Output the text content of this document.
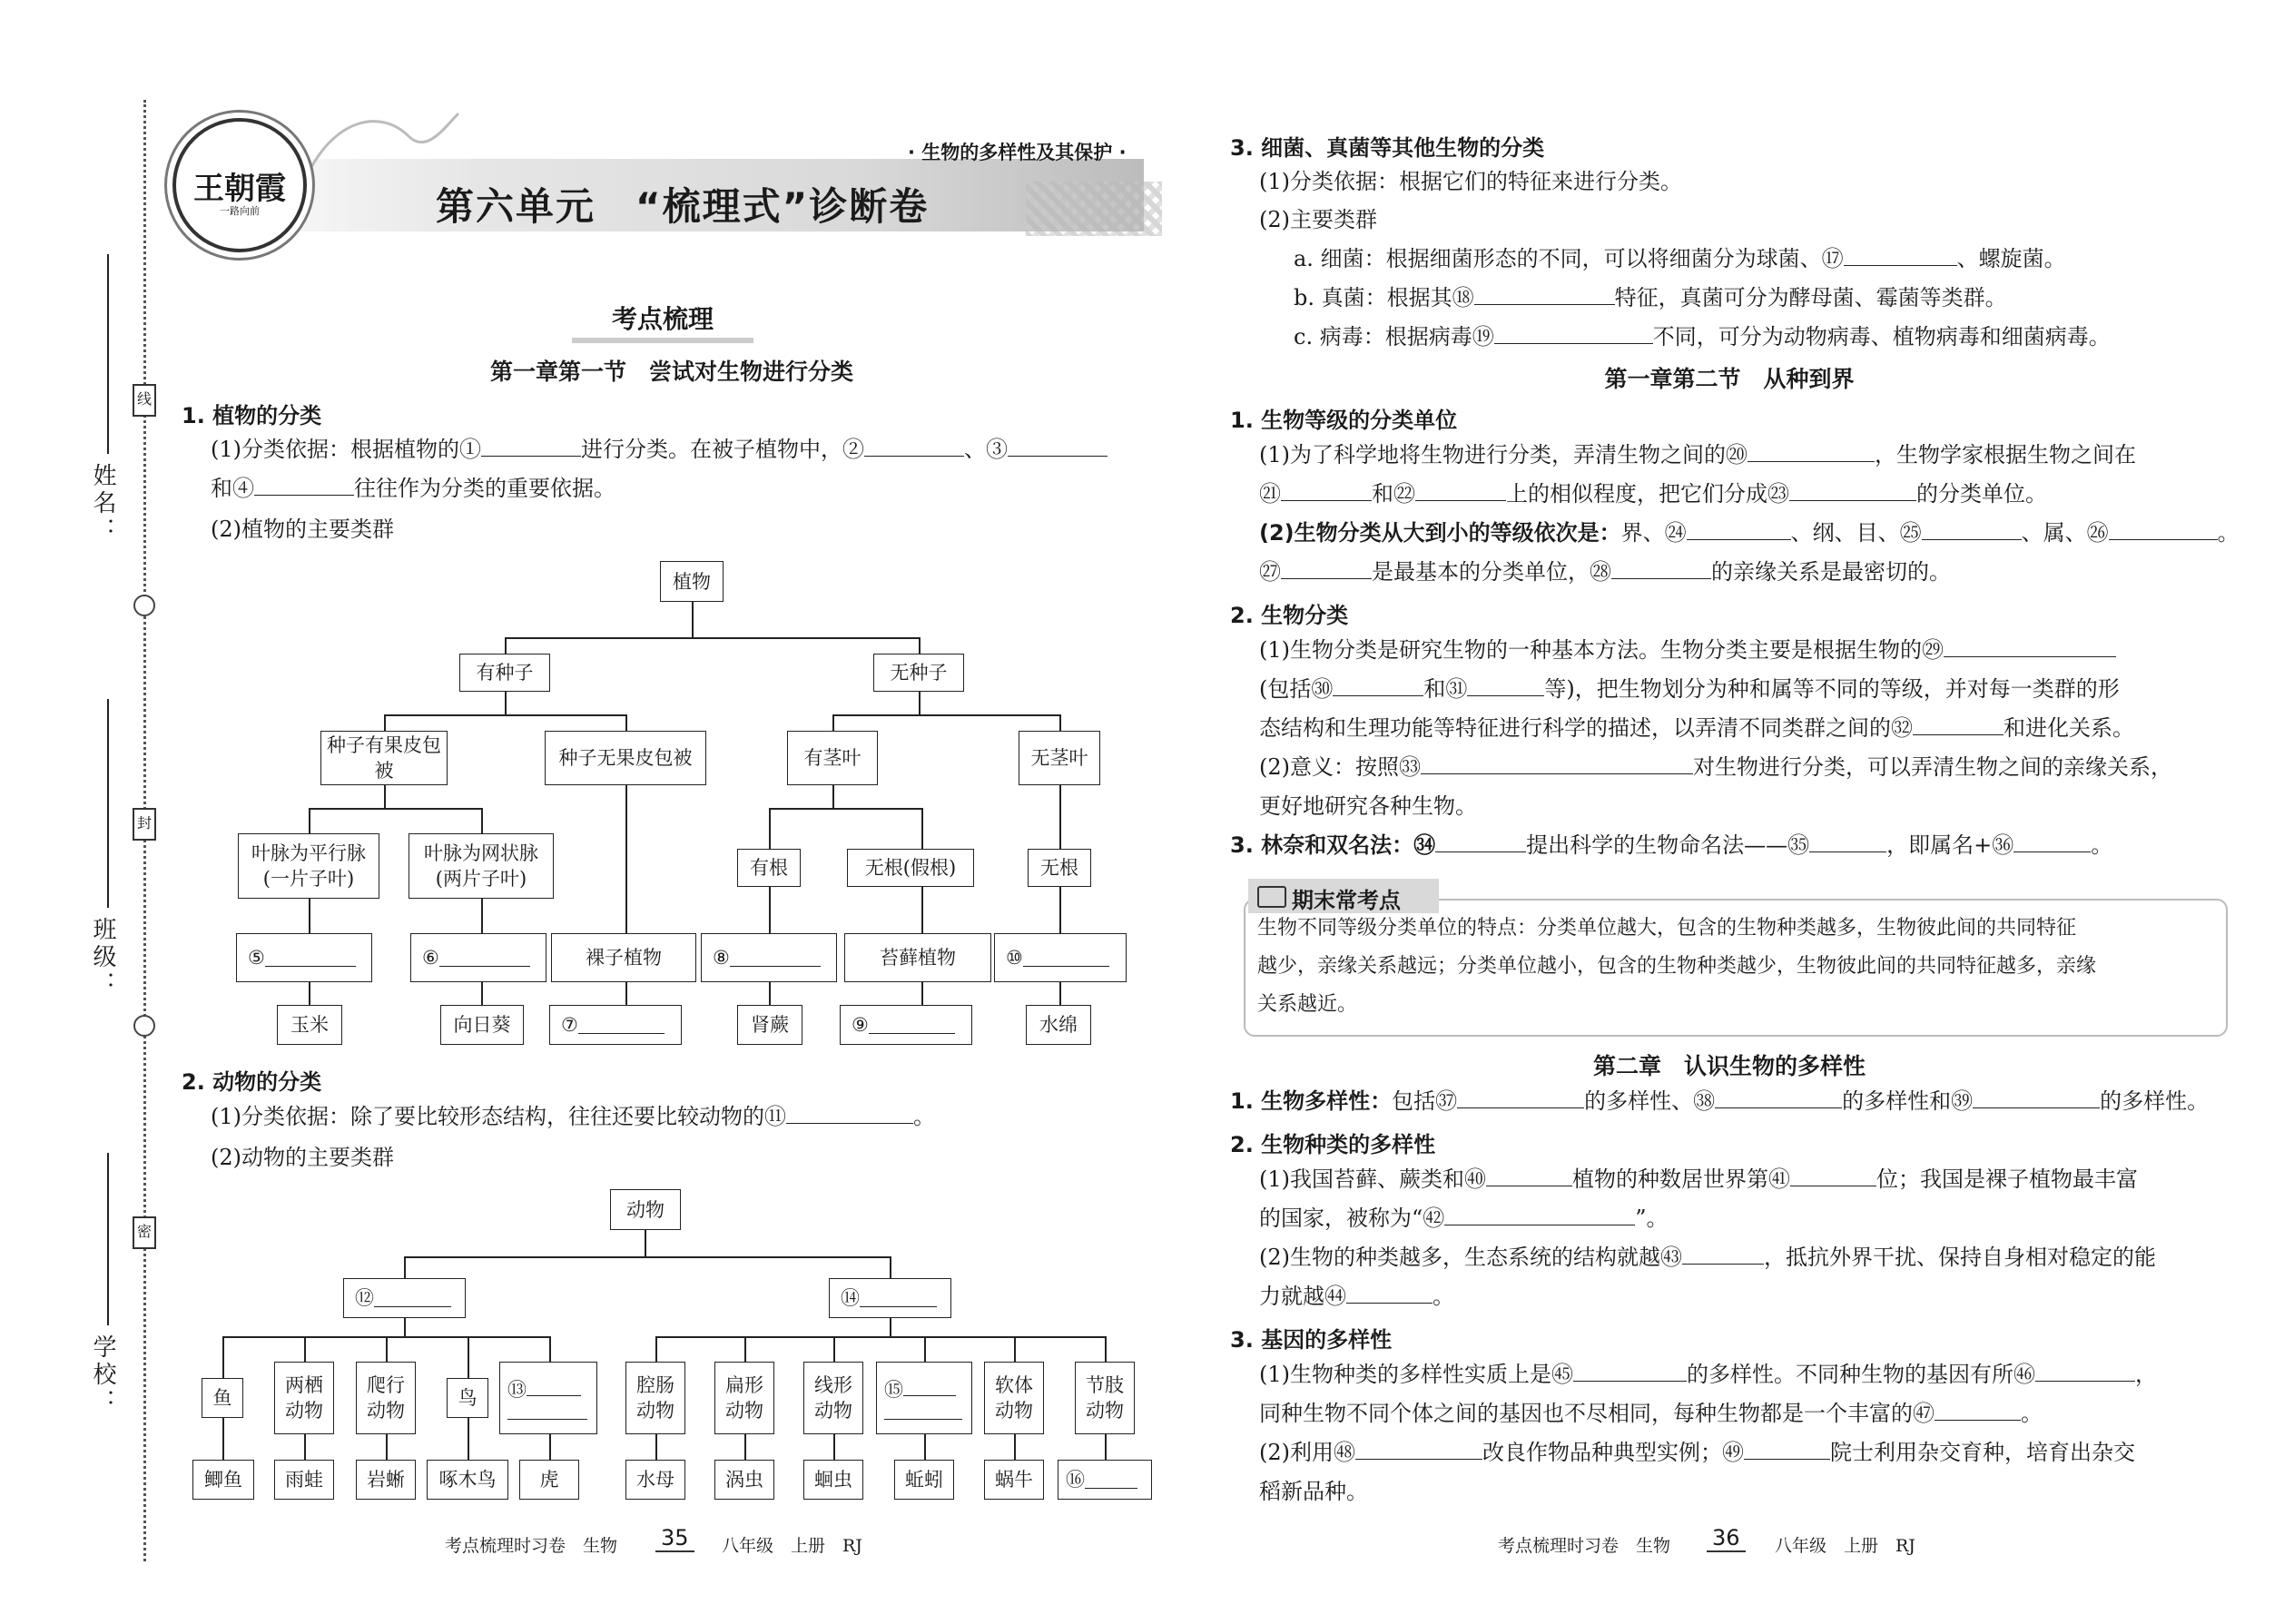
姓名：
班级：
学校：
线
封
密
王朝霞
一路向前
· 生物的多样性及其保护 ·
第六单元　“梳理式”诊断卷
考点梳理
第一章第一节　尝试对生物进行分类
1. 植物的分类
(1)分类依据：根据植物的①	进行分类。在被子植物中，②	、③
和④	往往作为分类的重要依据。
(2)植物的主要类群
植物
有种子	无种子
种子有果皮包被
种子无果皮包被	有茎叶	无茎叶
叶脉为平行脉
(一片子叶)
叶脉为网状脉
(两片子叶)	有根	无根(假根)	无根
⑤	⑥	裸子植物	⑧	苔藓植物	⑩
玉米	向日葵	⑦	肾蕨	⑨	水绵
2. 动物的分类
(1)分类依据：除了要比较形态结构，往往还要比较动物的⑪	。
(2)动物的主要类群
动物
⑫	⑭
鱼
两栖
动物
爬行
动物
鸟	⑬	腔肠
动物
扁形
动物
线形
动物
⑮	软体
动物
节肢
动物
鲫鱼	雨蛙	岩蜥	啄木鸟	虎	水母	涡虫	蛔虫	蚯蚓	蜗牛	⑯
考点梳理时习卷　生物 35	八年级　上册　RJ
3. 细菌、真菌等其他生物的分类
(1)分类依据：根据它们的特征来进行分类。
(2)主要类群
a. 细菌：根据细菌形态的不同，可以将细菌分为球菌、⑰	、螺旋菌。
b. 真菌：根据其⑱	特征，真菌可分为酵母菌、霉菌等类群。
c. 病毒：根据病毒⑲	不同，可分为动物病毒、植物病毒和细菌病毒。
第一章第二节　从种到界
1. 生物等级的分类单位
(1)为了科学地将生物进行分类，弄清生物之间的⑳	，生物学家根据生物之间在
㉑	和㉒	上的相似程度，把它们分成㉓	的分类单位。
(2)生物分类从大到小的等级依次是：界、㉔	、纲、目、㉕	、属、㉖	。
㉗	是最基本的分类单位，㉘	的亲缘关系是最密切的。
2. 生物分类
(1)生物分类是研究生物的一种基本方法。生物分类主要是根据生物的㉙
(包括㉚	和㉛	等)，把生物划分为种和属等不同的等级，并对每一类群的形
态结构和生理功能等特征进行科学的描述，以弄清不同类群之间的㉜	和进化关系。
(2)意义：按照㉝	对生物进行分类，可以弄清生物之间的亲缘关系，
更好地研究各种生物。
3. 林奈和双名法：㉞	提出科学的生物命名法——㉟	，即属名+㊱	。
期末常考点
生物不同等级分类单位的特点：分类单位越大，包含的生物种类越多，生物彼此间的共同特征
越少，亲缘关系越远；分类单位越小，包含的生物种类越少，生物彼此间的共同特征越多，亲缘
关系越近。
第二章　认识生物的多样性
1. 生物多样性：包括㊲	的多样性、㊳	的多样性和㊴	的多样性。
2. 生物种类的多样性
(1)我国苔藓、蕨类和㊵	植物的种数居世界第㊶	位；我国是裸子植物最丰富
的国家，被称为“㊷	”。
(2)生物的种类越多，生态系统的结构就越㊸	，抵抗外界干扰、保持自身相对稳定的能
力就越㊹	。
3. 基因的多样性
(1)生物种类的多样性实质上是㊺	的多样性。不同种生物的基因有所㊻	，
同种生物不同个体之间的基因也不尽相同，每种生物都是一个丰富的㊼	。
(2)利用㊽	改良作物品种典型实例；㊾	院士利用杂交育种，培育出杂交
稻新品种。
考点梳理时习卷　生物 36	八年级　上册　RJ
